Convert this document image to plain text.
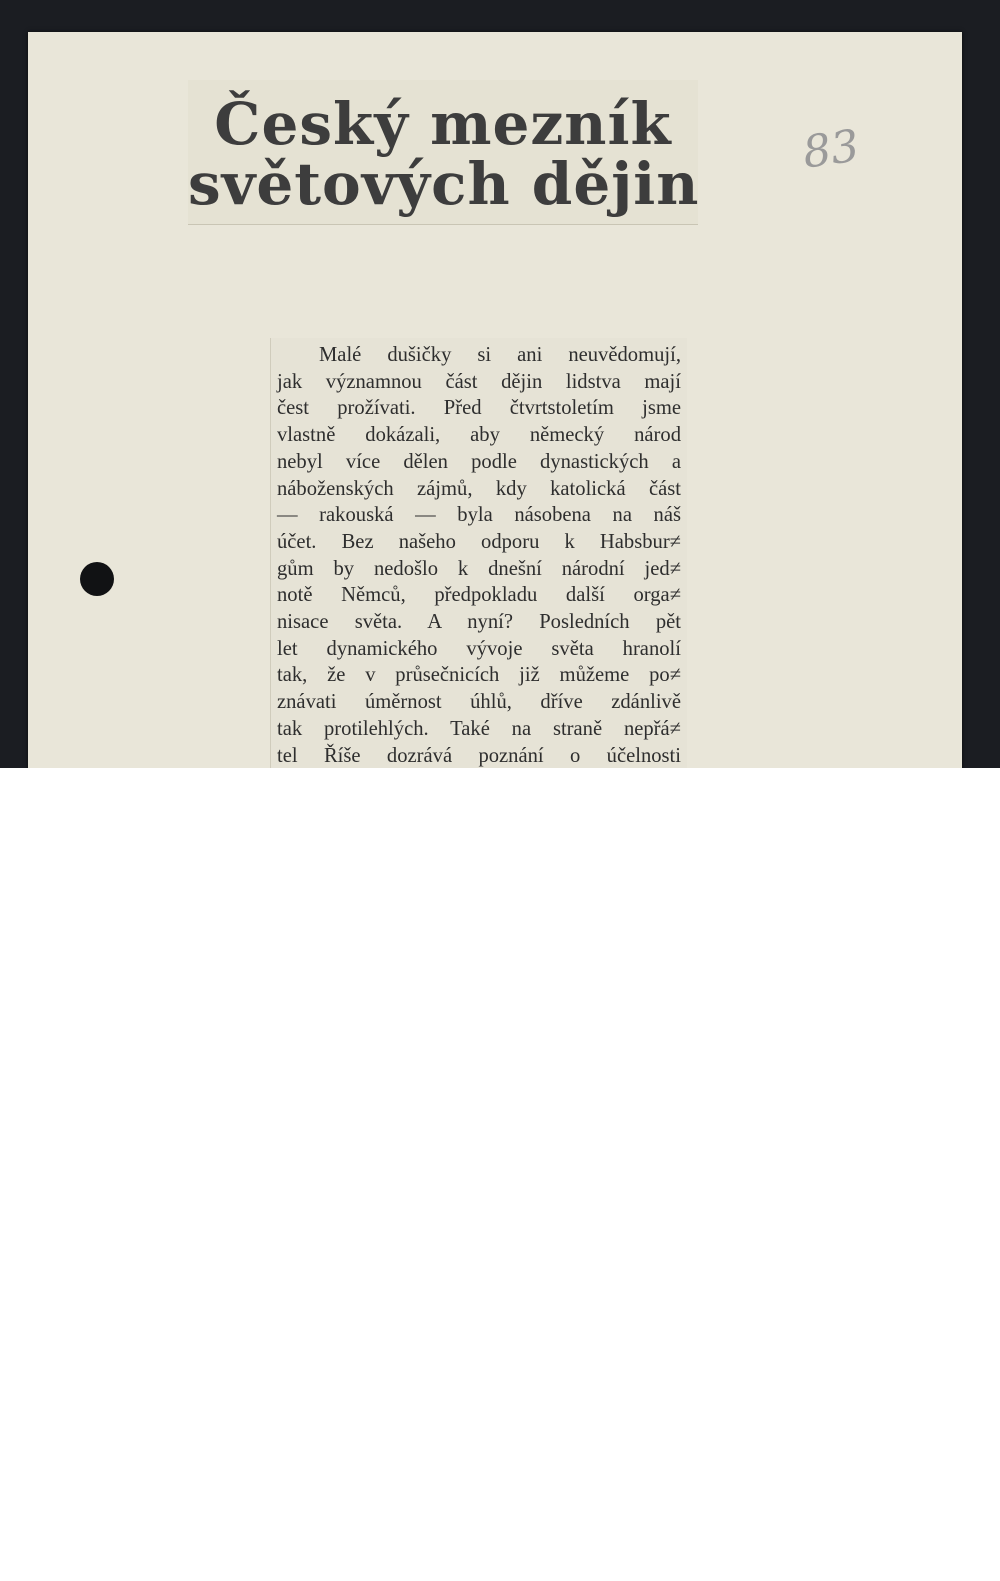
Český mezník
světových dějin
83

Malé dušičky si ani neuvědomují,
jak významnou část dějin lidstva mají
čest prožívati. Před čtvrtstoletím jsme
vlastně dokázali, aby německý národ
nebyl více dělen podle dynastických a
náboženských zájmů, kdy katolická část
— rakouská — byla násobena na náš
účet. Bez našeho odporu k Habsbur≠
gům by nedošlo k dnešní národní jed≠
notě Němců, předpokladu další orga≠
nisace světa. A nyní? Posledních pět
let dynamického vývoje světa hranolí
tak, že v průsečnicích již můžeme po≠
znávati úměrnost úhlů, dříve zdánlivě
tak protilehlých. Také na straně nepřá≠
tel Říše dozrává poznání o účelnosti
